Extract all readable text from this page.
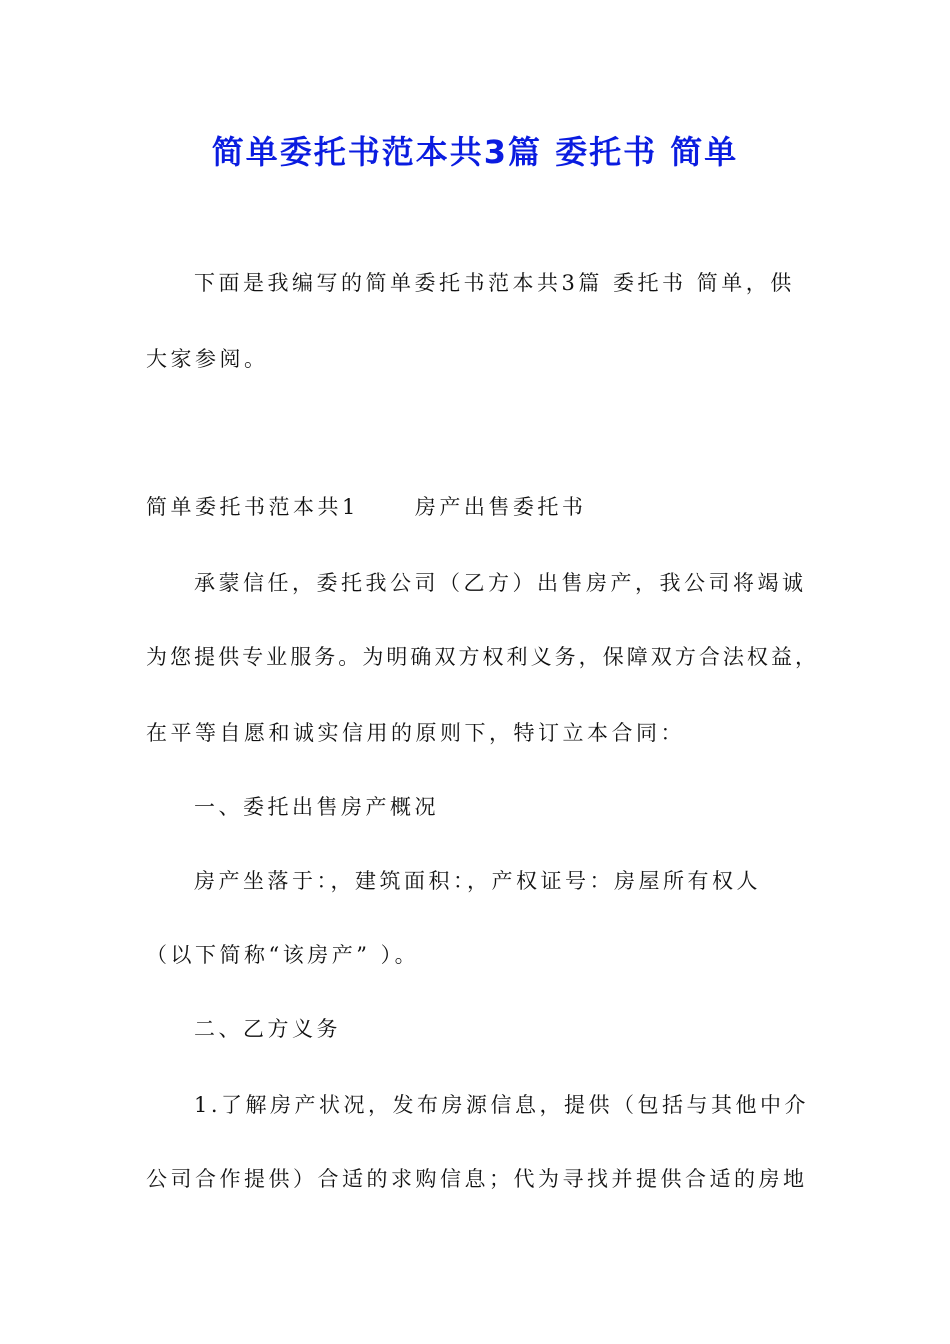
简单委托书范本共3篇 委托书 简单
下面是我编写的简单委托书范本共3篇 委托书 简单，供
大家参阅。
简单委托书范本共1	房产出售委托书
承蒙信任，委托我公司（乙方）出售房产，我公司将竭诚
为您提供专业服务。为明确双方权利义务，保障双方合法权益，
在平等自愿和诚实信用的原则下，特订立本合同：
一、委托出售房产概况
房产坐落于：，建筑面积：，产权证号：房屋所有权人
（以下简称“该房产” ）。
二、乙方义务
1.了解房产状况，发布房源信息，提供（包括与其他中介
公司合作提供）合适的求购信息；代为寻找并提供合适的房地
